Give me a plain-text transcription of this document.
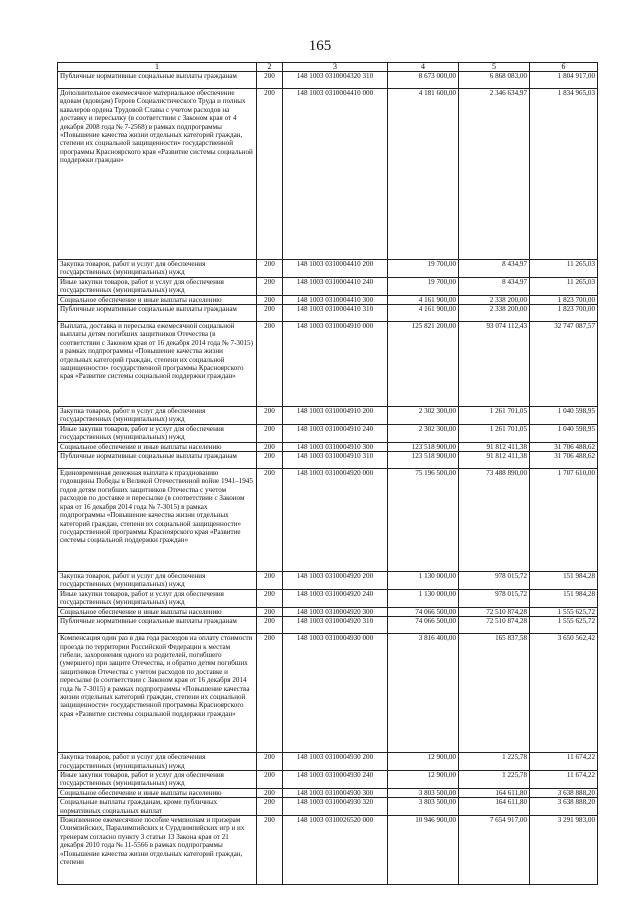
165
1	2	3	4	5	6
Публичные нормативные социальные выплаты гражданам	200	148 1003 0310004320 310	8 673 000,00	6 868 083,00	1 804 917,00
Дополнительное ежемесячное материальное обеспечение вдовам (вдовцам) Героев Социалистического Труда и полных кавалеров ордена Трудовой Славы с учетом расходов на доставку и пересылку (в соответствии с Законом края от 4 декабря 2008 года № 7-2568) в рамках подпрограммы «Повышение качества жизни отдельных категорий граждан, степени их социальной защищенности» государственной программы Красноярского края «Развитие системы социальной поддержки граждан»	200	148 1003 0310004410 000	4 181 600,00	2 346 634,97	1 834 965,03
Закупка товаров, работ и услуг для обеспечения государственных (муниципальных) нужд	200	148 1003 0310004410 200	19 700,00	8 434,97	11 265,03
Иные закупки товаров, работ и услуг для обеспечения государственных (муниципальных) нужд	200	148 1003 0310004410 240	19 700,00	8 434,97	11 265,03
Социальное обеспечение и иные выплаты населению	200	148 1003 0310004410 300	4 161 900,00	2 338 200,00	1 823 700,00
Публичные нормативные социальные выплаты гражданам	200	148 1003 0310004410 310	4 161 900,00	2 338 200,00	1 823 700,00
Выплата, доставка и пересылка ежемесячной социальной выплаты детям погибших защитников Отечества (в соответствии с Законом края от 16 декабря 2014 года № 7-3015) в рамках подпрограммы «Повышение качества жизни отдельных категорий граждан, степени их социальной защищенности» государственной программы Красноярского края «Развитие системы социальной поддержки граждан»	200	148 1003 0310004910 000	125 821 200,00	93 074 112,43	32 747 087,57
Закупка товаров, работ и услуг для обеспечения государственных (муниципальных) нужд	200	148 1003 0310004910 200	2 302 300,00	1 261 701,05	1 040 598,95
Иные закупки товаров, работ и услуг для обеспечения государственных (муниципальных) нужд	200	148 1003 0310004910 240	2 302 300,00	1 261 701,05	1 040 598,95
Социальное обеспечение и иные выплаты населению	200	148 1003 0310004910 300	123 518 900,00	91 812 411,38	31 706 488,62
Публичные нормативные социальные выплаты гражданам	200	148 1003 0310004910 310	123 518 900,00	91 812 411,38	31 706 488,62
Единовременная денежная выплата к празднованию годовщины Победы в Великой Отечественной войне 1941–1945 годов детям погибших защитников Отечества с учетом расходов по доставке и пересылке (в соответствии с Законом края от 16 декабря 2014 года № 7-3015) в рамках подпрограммы «Повышение качества жизни отдельных категорий граждан, степени их социальной защищенности» государственной программы Красноярского края «Развитие системы социальной поддержки граждан»	200	148 1003 0310004920 000	75 196 500,00	73 488 890,00	1 707 610,00
Закупка товаров, работ и услуг для обеспечения государственных (муниципальных) нужд	200	148 1003 0310004920 200	1 130 000,00	978 015,72	151 984,28
Иные закупки товаров, работ и услуг для обеспечения государственных (муниципальных) нужд	200	148 1003 0310004920 240	1 130 000,00	978 015,72	151 984,28
Социальное обеспечение и иные выплаты населению	200	148 1003 0310004920 300	74 066 500,00	72 510 874,28	1 555 625,72
Публичные нормативные социальные выплаты гражданам	200	148 1003 0310004920 310	74 066 500,00	72 510 874,28	1 555 625,72
Компенсация один раз в два года расходов на оплату стоимости проезда по территории Российской Федерации к местам гибели, захоронения одного из родителей, погибшего (умершего) при защите Отечества, и обратно детям погибших защитников Отечества с учетом расходов по доставке и пересылке (в соответствии с Законом края от 16 декабря 2014 года № 7-3015) в рамках подпрограммы «Повышение качества жизни отдельных категорий граждан, степени их социальной защищенности» государственной программы Красноярского края «Развитие системы социальной поддержки граждан»	200	148 1003 0310004930 000	3 816 400,00	165 837,58	3 650 562,42
Закупка товаров, работ и услуг для обеспечения государственных (муниципальных) нужд	200	148 1003 0310004930 200	12 900,00	1 225,78	11 674,22
Иные закупки товаров, работ и услуг для обеспечения государственных (муниципальных) нужд	200	148 1003 0310004930 240	12 900,00	1 225,78	11 674,22
Социальное обеспечение и иные выплаты населению	200	148 1003 0310004930 300	3 803 500,00	164 611,80	3 638 888,20
Социальные выплаты гражданам, кроме публичных нормативных социальных выплат	200	148 1003 0310004930 320	3 803 500,00	164 611,80	3 638 888,20
Пожизненное ежемесячное пособие чемпионам и призерам Олимпийских, Паралимпийских и Сурдлимпийских игр и их тренерам согласно пункту 3 статьи 13 Закона края от 21 декабря 2010 года № 11-5566 в рамках подпрограммы «Повышение качества жизни отдельных категорий граждан, степени	200	148 1003 0310026520 000	10 946 900,00	7 654 917,00	3 291 983,00
